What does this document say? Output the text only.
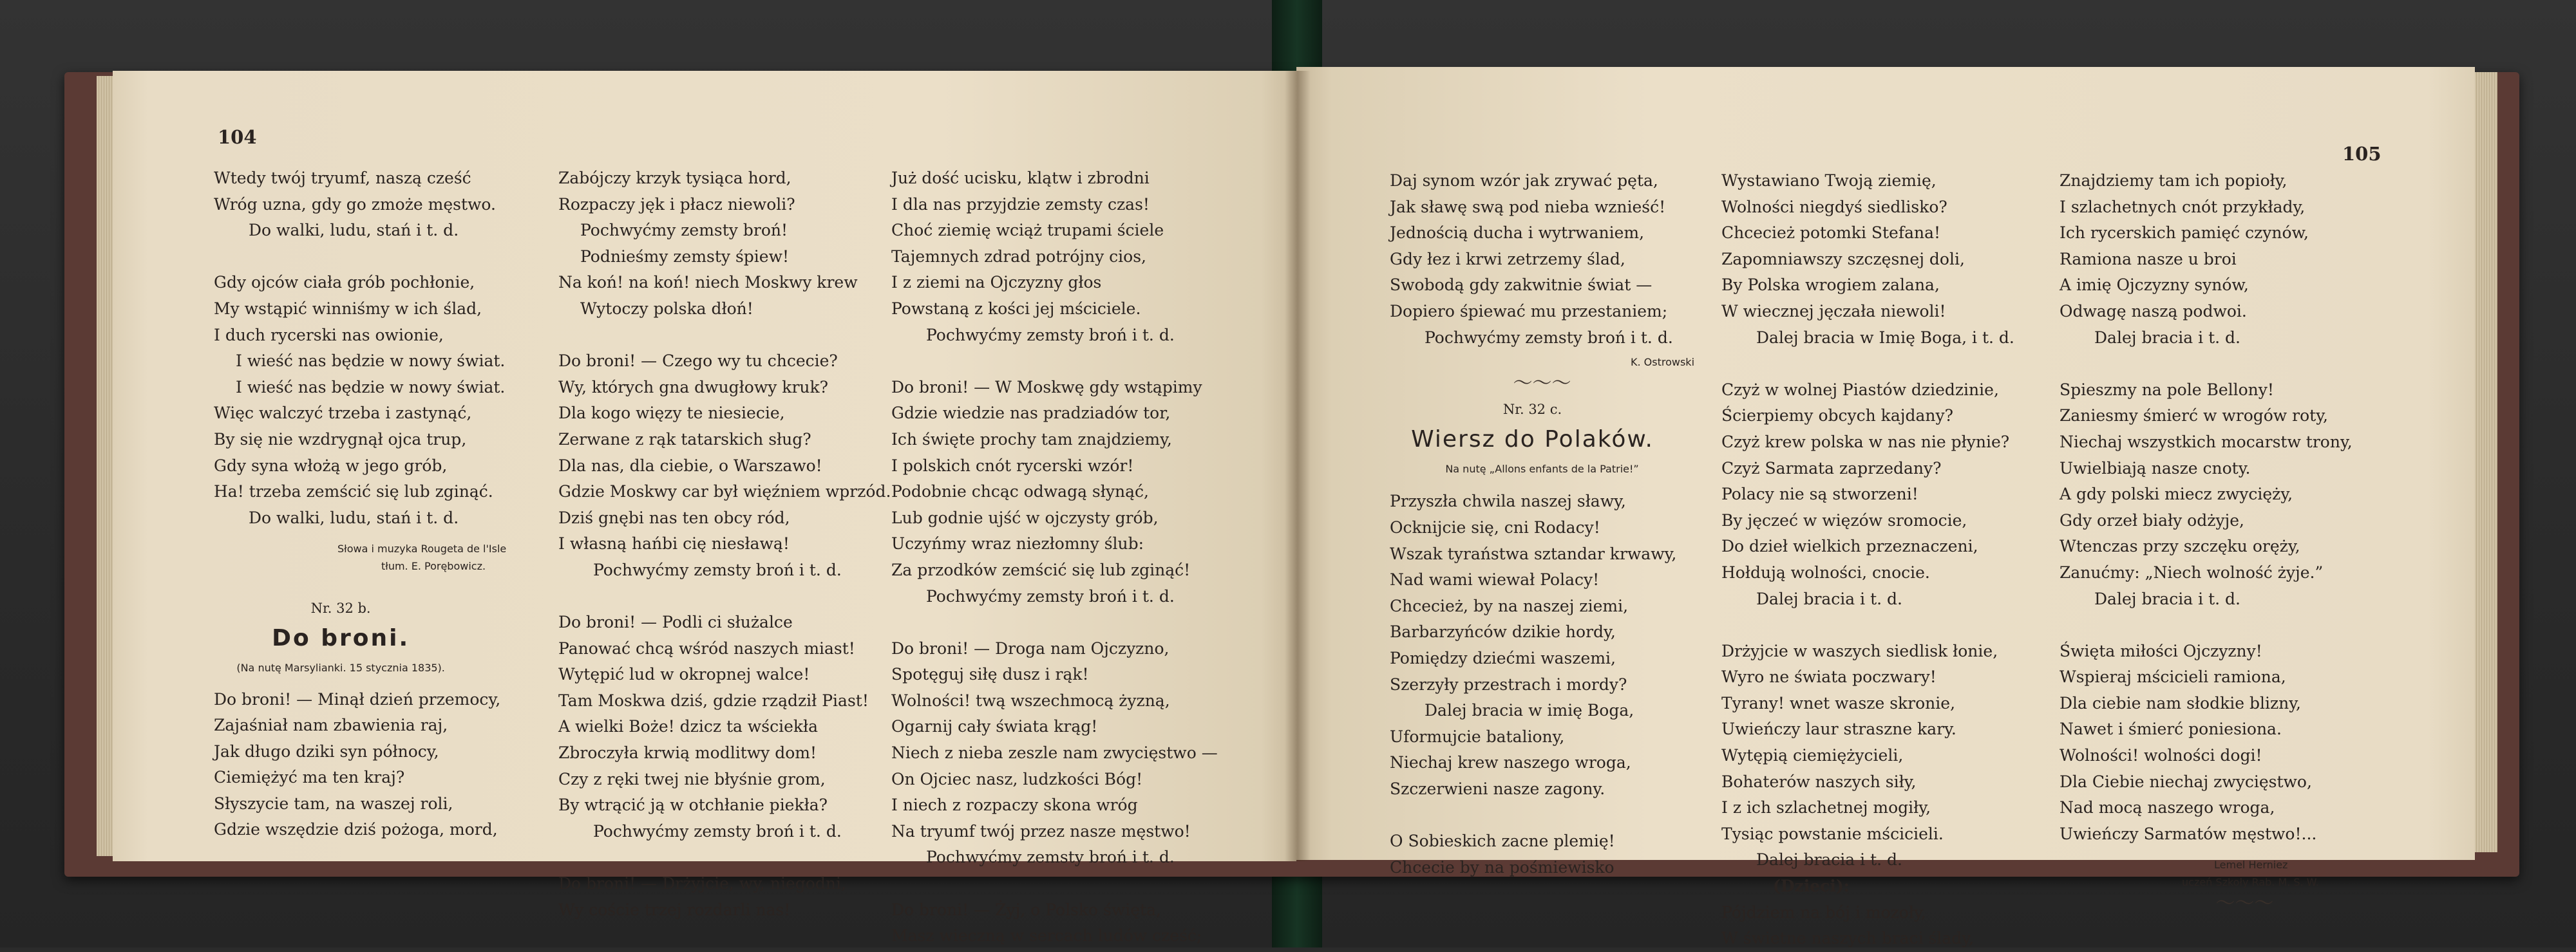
104
Wtedy twój tryumf, naszą cześć
Wróg uzna, gdy go zmoże męstwo.
Do walki, ludu, stań i t. d.
Gdy ojców ciała grób pochłonie,
My wstąpić winniśmy w ich ślad,
I duch rycerski nas owionie,
I wieść nas będzie w nowy świat.
I wieść nas będzie w nowy świat.
Więc walczyć trzeba i zastynąć,
By się nie wzdrygnął ojca trup,
Gdy syna włożą w jego grób,
Ha! trzeba zemścić się lub zginąć.
Do walki, ludu, stań i t. d.
Słowa i muzyka Rougeta de l'Isle
tłum. E. Porębowicz.
Nr. 32 b.
Do broni.
(Na nutę Marsylianki. 15 stycznia 1835).
Do broni! — Minął dzień przemocy,
Zajaśniał nam zbawienia raj,
Jak długo dziki syn północy,
Ciemiężyć ma ten kraj?
Słyszycie tam, na waszej roli,
Gdzie wszędzie dziś pożoga, mord,
Zabójczy krzyk tysiąca hord,
Rozpaczy jęk i płacz niewoli?
Pochwyćmy zemsty broń!
Podnieśmy zemsty śpiew!
Na koń! na koń! niech Moskwy krew
Wytoczy polska dłoń!
Do broni! — Czego wy tu chcecie?
Wy, których gna dwugłowy kruk?
Dla kogo więzy te niesiecie,
Zerwane z rąk tatarskich sług?
Dla nas, dla ciebie, o Warszawo!
Gdzie Moskwy car był więźniem wprzód.
Dziś gnębi nas ten obcy ród,
I własną hańbi cię niesławą!
Pochwyćmy zemsty broń i t. d.
Do broni! — Podli ci służalce
Panować chcą wśród naszych miast!
Wytępić lud w okropnej walce!
Tam Moskwa dziś, gdzie rządził Piast!
A wielki Boże! dzicz ta wściekła
Zbroczyła krwią modlitwy dom!
Czy z ręki twej nie błyśnie grom,
By wtrącić ją w otchłanie piekła?
Pochwyćmy zemsty broń i t. d.
Do broni! — Drżyjcie, wy, niegodni,
Wy coście trzej rozdarli nas!
Już dość ucisku, klątw i zbrodni
I dla nas przyjdzie zemsty czas!
Choć ziemię wciąż trupami ściele
Tajemnych zdrad potrójny cios,
I z ziemi na Ojczyzny głos
Powstaną z kości jej mściciele.
Pochwyćmy zemsty broń i t. d.
Do broni! — W Moskwę gdy wstąpimy
Gdzie wiedzie nas pradziadów tor,
Ich święte prochy tam znajdziemy,
I polskich cnót rycerski wzór!
Podobnie chcąc odwagą słynąć,
Lub godnie ujść w ojczysty grób,
Uczyńmy wraz niezłomny ślub:
Za przodków zemścić się lub zginąć!
Pochwyćmy zemsty broń i t. d.
Do broni! — Droga nam Ojczyzno,
Spotęguj siłę dusz i rąk!
Wolności! twą wszechmocą żyzną,
Ogarnij cały świata krąg!
Niech z nieba zeszle nam zwycięstwo —
On Ojciec nasz, ludzkości Bóg!
I niech z rozpaczy skona wróg
Na tryumf twój przez nasze męstwo!
Pochwyćmy zemsty broń i t. d.
Do broni! — Żyj, o Polsko święta,
Masz wieczną w sercach ludów cześć;
105
Daj synom wzór jak zrywać pęta,
Jak sławę swą pod nieba wznieść!
Jednością ducha i wytrwaniem,
Gdy łez i krwi zetrzemy ślad,
Swobodą gdy zakwitnie świat —
Dopiero śpiewać mu przestaniem;
Pochwyćmy zemsty broń i t. d.
K. Ostrowski
〜〜〜
Nr. 32 c.
Wiersz do Polaków.
Na nutę „Allons enfants de la Patrie!”
Przyszła chwila naszej sławy,
Ocknijcie się, cni Rodacy!
Wszak tyraństwa sztandar krwawy,
Nad wami wiewał Polacy!
Chcecież, by na naszej ziemi,
Barbarzyńców dzikie hordy,
Pomiędzy dziećmi waszemi,
Szerzyły przestrach i mordy?
Dalej bracia w imię Boga,
Uformujcie bataliony,
Niechaj krew naszego wroga,
Szczerwieni nasze zagony.
O Sobieskich zacne plemię!
Chcecie by na pośmiewisko
Wystawiano Twoją ziemię,
Wolności niegdyś siedlisko?
Chcecież potomki Stefana!
Zapomniawszy szczęsnej doli,
By Polska wrogiem zalana,
W wiecznej jęczała niewoli!
Dalej bracia w Imię Boga, i t. d.
Czyż w wolnej Piastów dziedzinie,
Ścierpiemy obcych kajdany?
Czyż krew polska w nas nie płynie?
Czyż Sarmata zaprzedany?
Polacy nie są stworzeni!
By jęczeć w więzów sromocie,
Do dzieł wielkich przeznaczeni,
Hołdują wolności, cnocie.
Dalej bracia i t. d.
Drżyjcie w waszych siedlisk łonie,
Wyro ne świata poczwary!
Tyrany! wnet wasze skronie,
Uwieńczy laur straszne kary.
Wytępią ciemiężycieli,
Bohaterów naszych siły,
I z ich szlachetnej mogiły,
Tysiąc powstanie mścicieli.
Dalej bracia i t. d.
(Dzieci):
Pójdziem na bój i mozoły,
W świetne naszych braci ślady,
Znajdziemy tam ich popioły,
I szlachetnych cnót przykłady,
Ich rycerskich pamięć czynów,
Ramiona nasze u broi
A imię Ojczyzny synów,
Odwagę naszą podwoi.
Dalej bracia i t. d.
Spieszmy na pole Bellony!
Zaniesmy śmierć w wrogów roty,
Niechaj wszystkich mocarstw trony,
Uwielbiają nasze cnoty.
A gdy polski miecz zwycięży,
Gdy orzeł biały odżyje,
Wtenczas przy szczęku oręży,
Zanućmy: „Niech wolność żyje.”
Dalej bracia i t. d.
Święta miłości Ojczyzny!
Wspieraj mścicieli ramiona,
Dla ciebie nam słodkie blizny,
Nawet i śmierć poniesiona.
Wolności! wolności dogi!
Dla Ciebie niechaj zwycięstwo,
Nad mocą naszego wroga,
Uwieńczy Sarmatów męstwo!...
Lemel Herniez
uczeń Szkoły Rab. M. S. W.
〜〜〜
